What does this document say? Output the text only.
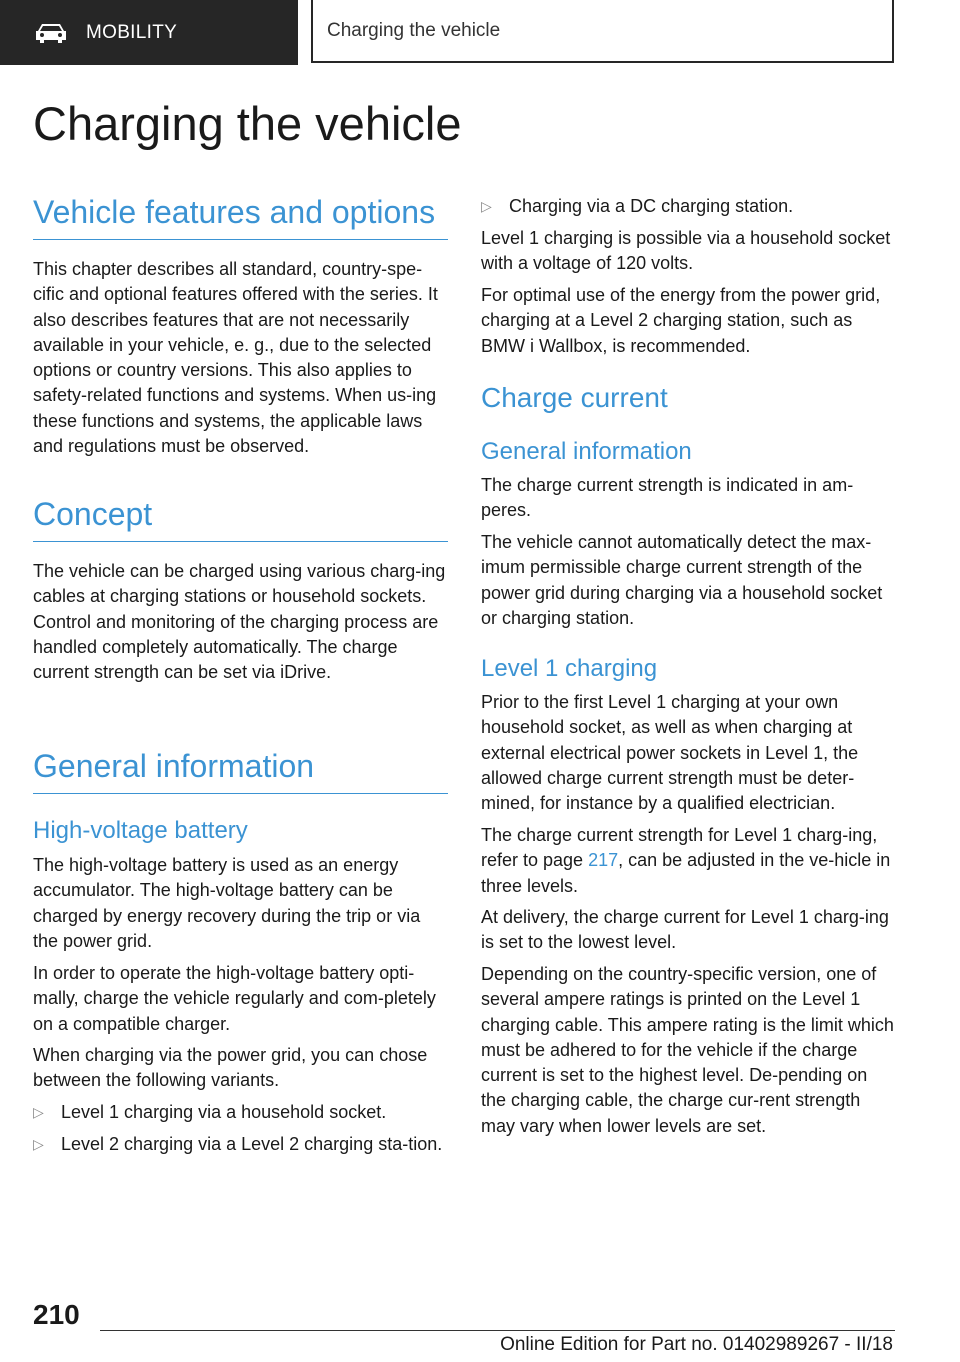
MOBILITY	Charging the vehicle
Charging the vehicle
Vehicle features and options

This chapter describes all standard, country-spe-cific and optional features offered with the series. It also describes features that are not necessarily available in your vehicle, e. g., due to the selected options or country versions. This also applies to safety-related functions and systems. When us-ing these functions and systems, the applicable laws and regulations must be observed.

Concept

The vehicle can be charged using various charg-ing cables at charging stations or household sockets. Control and monitoring of the charging process are handled completely automatically. The charge current strength can be set via iDrive.

General information
High-voltage battery

The high-voltage battery is used as an energy accumulator. The high-voltage battery can be charged by energy recovery during the trip or via the power grid.

In order to operate the high-voltage battery opti-mally, charge the vehicle regularly and com-pletely on a compatible charger.

When charging via the power grid, you can chose between the following variants.

▷ Level 1 charging via a household socket.
▷ Level 2 charging via a Level 2 charging sta-tion.
▷ Charging via a DC charging station.

Level 1 charging is possible via a household socket with a voltage of 120 volts.

For optimal use of the energy from the power grid, charging at a Level 2 charging station, such as BMW i Wallbox, is recommended.

Charge current
General information

The charge current strength is indicated in am-peres.

The vehicle cannot automatically detect the max-imum permissible charge current strength of the power grid during charging via a household socket or charging station.

Level 1 charging

Prior to the first Level 1 charging at your own household socket, as well as when charging at external electrical power sockets in Level 1, the allowed charge current strength must be deter-mined, for instance by a qualified electrician.

The charge current strength for Level 1 charg-ing, refer to page 217, can be adjusted in the ve-hicle in three levels.

At delivery, the charge current for Level 1 charg-ing is set to the lowest level.

Depending on the country-specific version, one of several ampere ratings is printed on the Level 1 charging cable. This ampere rating is the limit which must be adhered to for the vehicle if the charge current is set to the highest level. De-pending on the charging cable, the charge cur-rent strength may vary when lower levels are set.

210
Online Edition for Part no. 01402989267 - II/18
